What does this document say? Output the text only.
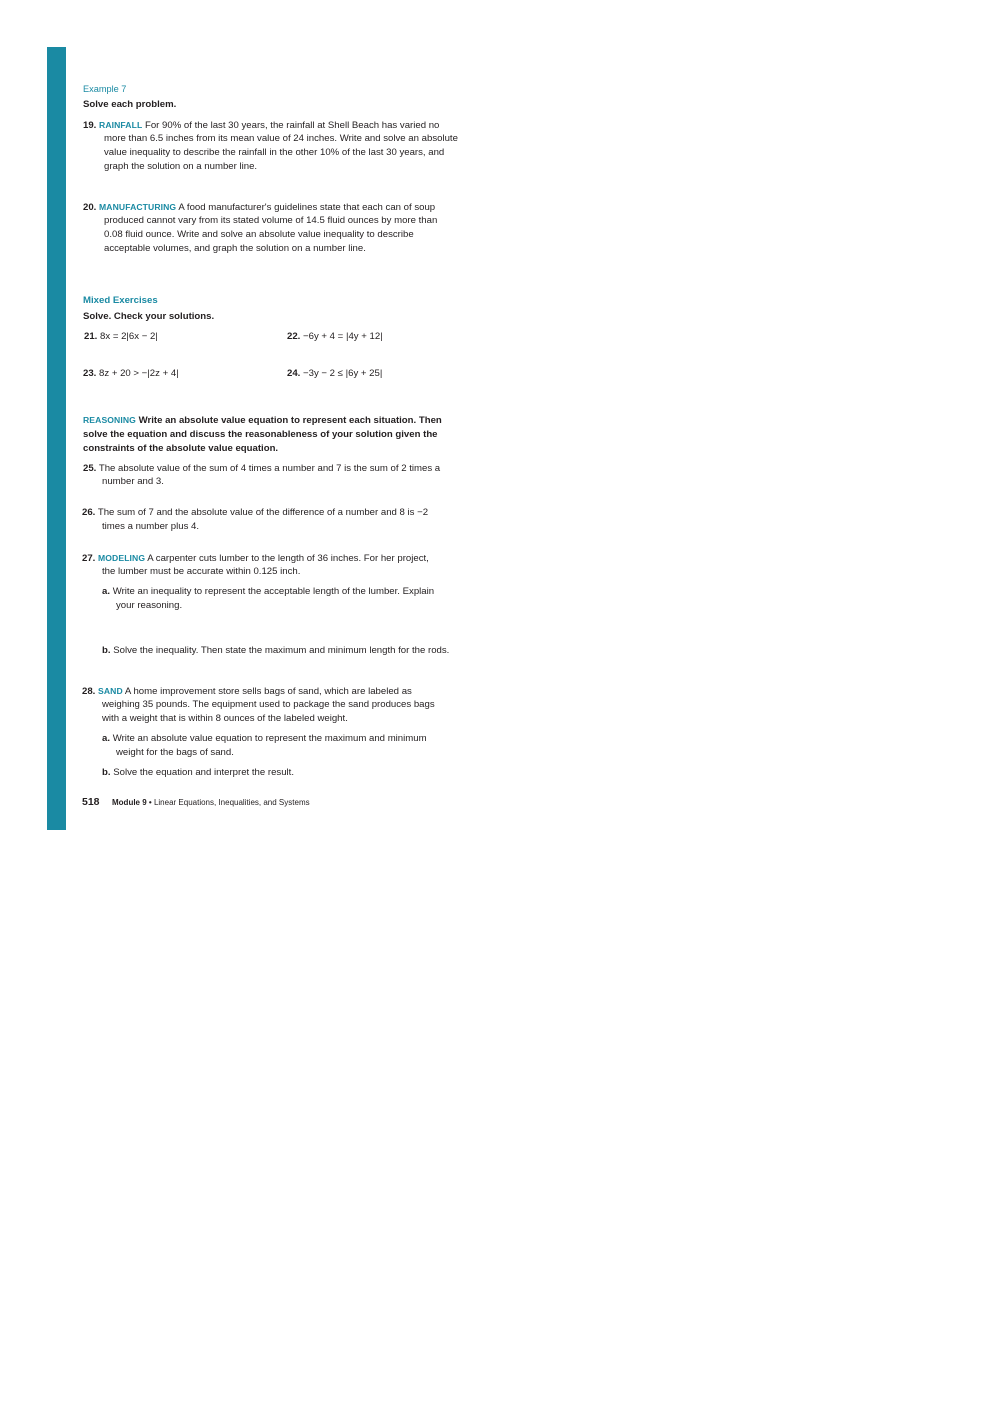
Example 7
Solve each problem.
19. RAINFALL For 90% of the last 30 years, the rainfall at Shell Beach has varied no
more than 6.5 inches from its mean value of 24 inches. Write and solve an absolute
value inequality to describe the rainfall in the other 10% of the last 30 years, and
graph the solution on a number line.
20. MANUFACTURING A food manufacturer's guidelines state that each can of soup
produced cannot vary from its stated volume of 14.5 fluid ounces by more than
0.08 fluid ounce. Write and solve an absolute value inequality to describe
acceptable volumes, and graph the solution on a number line.
Mixed Exercises
Solve. Check your solutions.
21. 8x = 2|6x − 2|	22. −6y + 4 = |4y + 12|
23. 8z + 20 > −|2z + 4|	24. −3y − 2 ≤ |6y + 25|
REASONING Write an absolute value equation to represent each situation. Then
solve the equation and discuss the reasonableness of your solution given the
constraints of the absolute value equation.
25. The absolute value of the sum of 4 times a number and 7 is the sum of 2 times a
number and 3.
26. The sum of 7 and the absolute value of the difference of a number and 8 is −2
times a number plus 4.
27. MODELING A carpenter cuts lumber to the length of 36 inches. For her project,
the lumber must be accurate within 0.125 inch.
a. Write an inequality to represent the acceptable length of the lumber. Explain
your reasoning.
b. Solve the inequality. Then state the maximum and minimum length for the rods.
28. SAND A home improvement store sells bags of sand, which are labeled as
weighing 35 pounds. The equipment used to package the sand produces bags
with a weight that is within 8 ounces of the labeled weight.
a. Write an absolute value equation to represent the maximum and minimum
weight for the bags of sand.
b. Solve the equation and interpret the result.
518 Module 9 • Linear Equations, Inequalities, and Systems
